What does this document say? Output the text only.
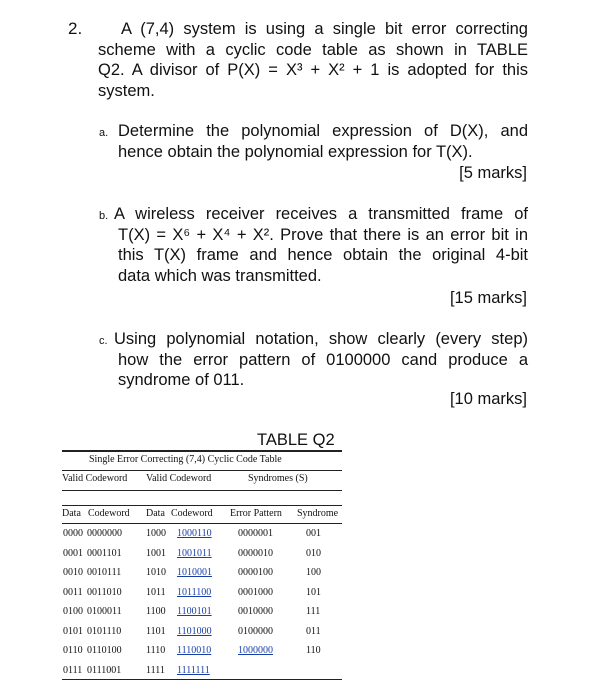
2.	A (7,4) system is using a single bit error correcting
scheme with a cyclic code table as shown in TABLE
Q2. A divisor of P(X) = X³ + X² + 1 is adopted for this
system.
a. Determine the polynomial expression of D(X), and
hence obtain the polynomial expression for T(X).
[5 marks]
b. A wireless receiver receives a transmitted frame of
T(X) = X⁶ + X⁴ + X². Prove that there is an error bit in
this T(X) frame and hence obtain the original 4-bit
data which was transmitted.
[15 marks]
c. Using polynomial notation, show clearly (every step)
how the error pattern of 0100000 cand produce a
syndrome of 011.
[10 marks]
TABLE Q2
Single Error Correcting (7,4) Cyclic Code Table
Valid Codeword Valid Codeword	Syndromes (S)
Data Codeword Data Codeword Error Pattern Syndrome
0000 0000000 1000 1000110	0000001	001
0001 0001101 1001 1001011	0000010	010
0010 0010111 1010 1010001	0000100	100
0011 0011010 1011 1011100	0001000	101
0100 0100011 1100 1100101	0010000	111
0101 0101110 1101 1101000	0100000	011
0110 0110100 1110 1110010	1000000	110
0111 0111001 1111 1111111
